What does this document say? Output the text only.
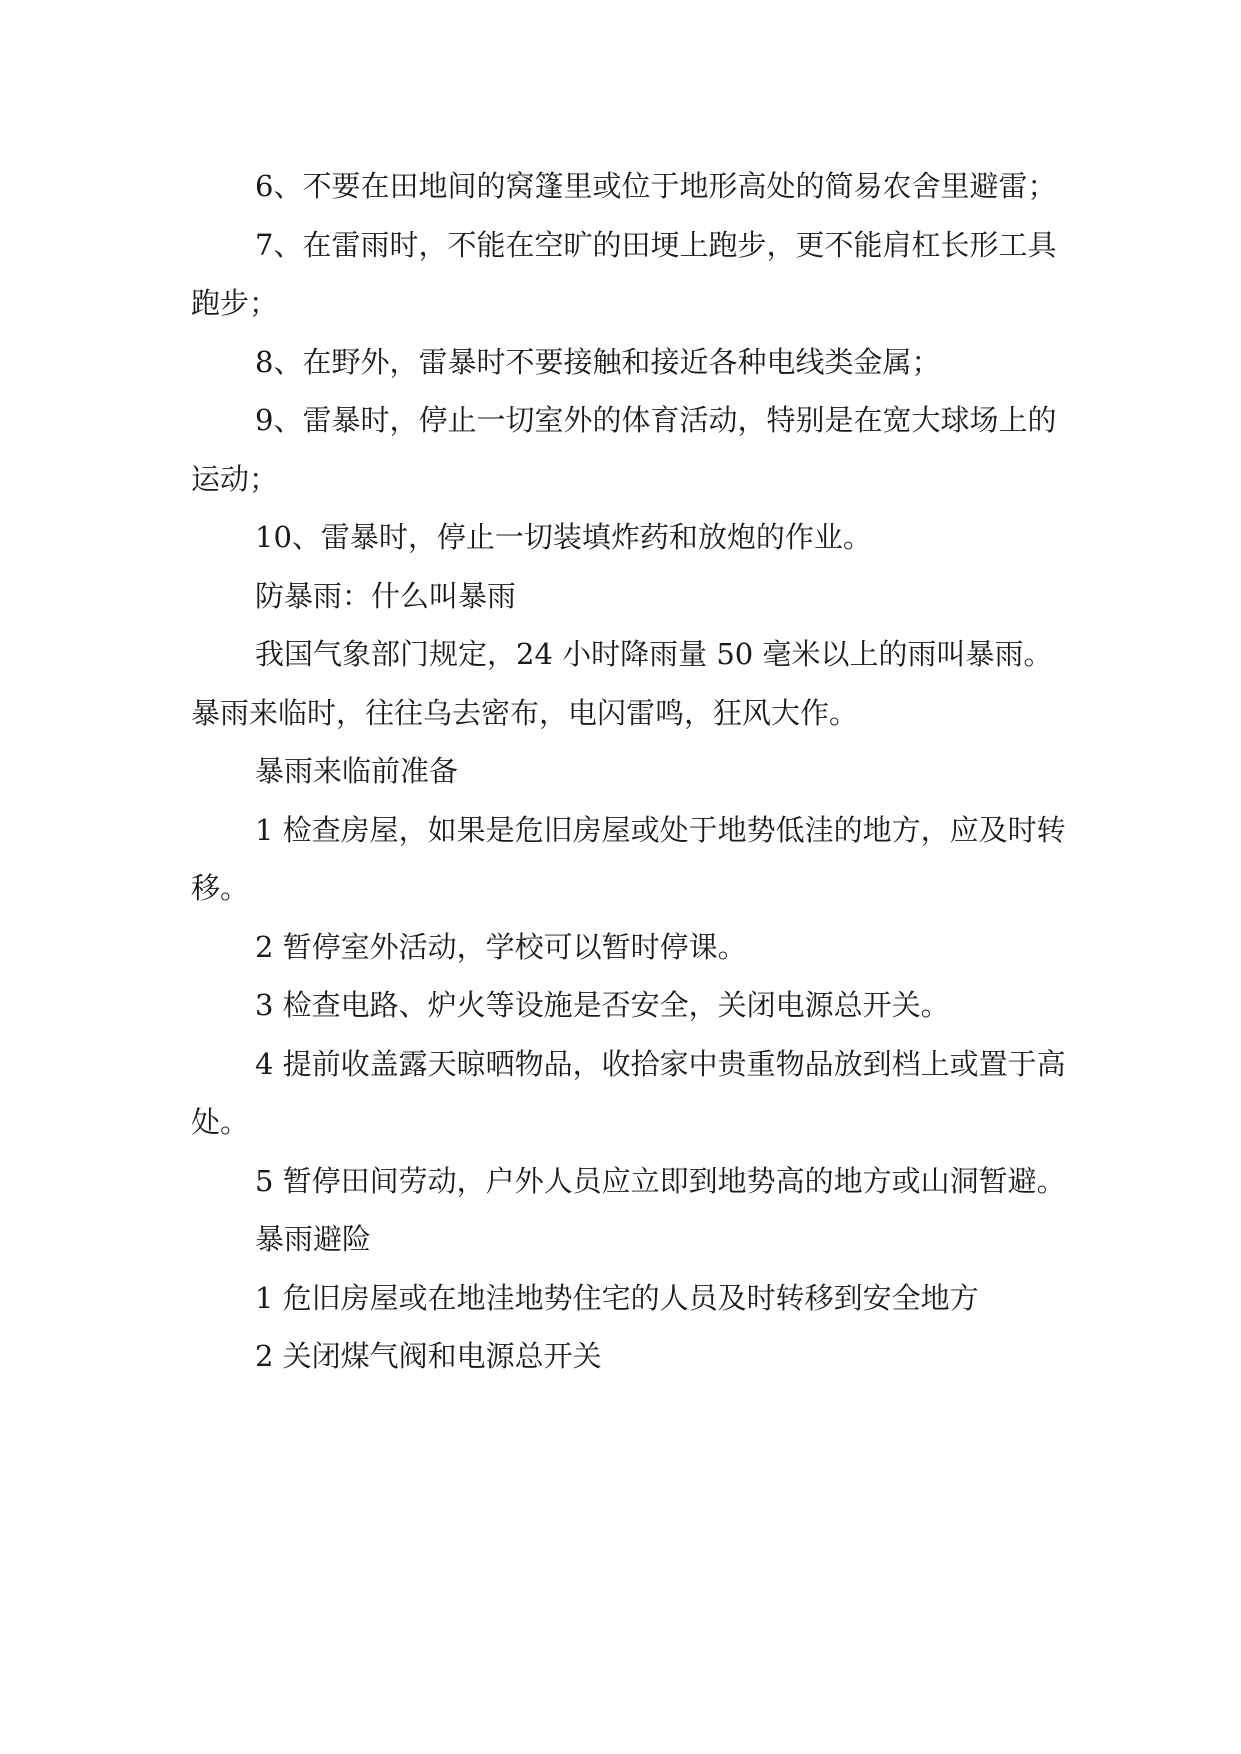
6、不要在田地间的窝篷里或位于地形高处的简易农舍里避雷；

7、在雷雨时，不能在空旷的田埂上跑步，更不能肩杠长形工具跑步；

8、在野外，雷暴时不要接触和接近各种电线类金属；

9、雷暴时，停止一切室外的体育活动，特别是在宽大球场上的运动；

10、雷暴时，停止一切装填炸药和放炮的作业。

防暴雨：什么叫暴雨

我国气象部门规定，24 小时降雨量 50 毫米以上的雨叫暴雨。暴雨来临时，往往乌去密布，电闪雷鸣，狂风大作。

暴雨来临前准备

1 检查房屋，如果是危旧房屋或处于地势低洼的地方，应及时转移。

2 暂停室外活动，学校可以暂时停课。

3 检查电路、炉火等设施是否安全，关闭电源总开关。

4 提前收盖露天晾晒物品，收拾家中贵重物品放到档上或置于高处。

5 暂停田间劳动，户外人员应立即到地势高的地方或山洞暂避。

暴雨避险

1 危旧房屋或在地洼地势住宅的人员及时转移到安全地方

2 关闭煤气阀和电源总开关
